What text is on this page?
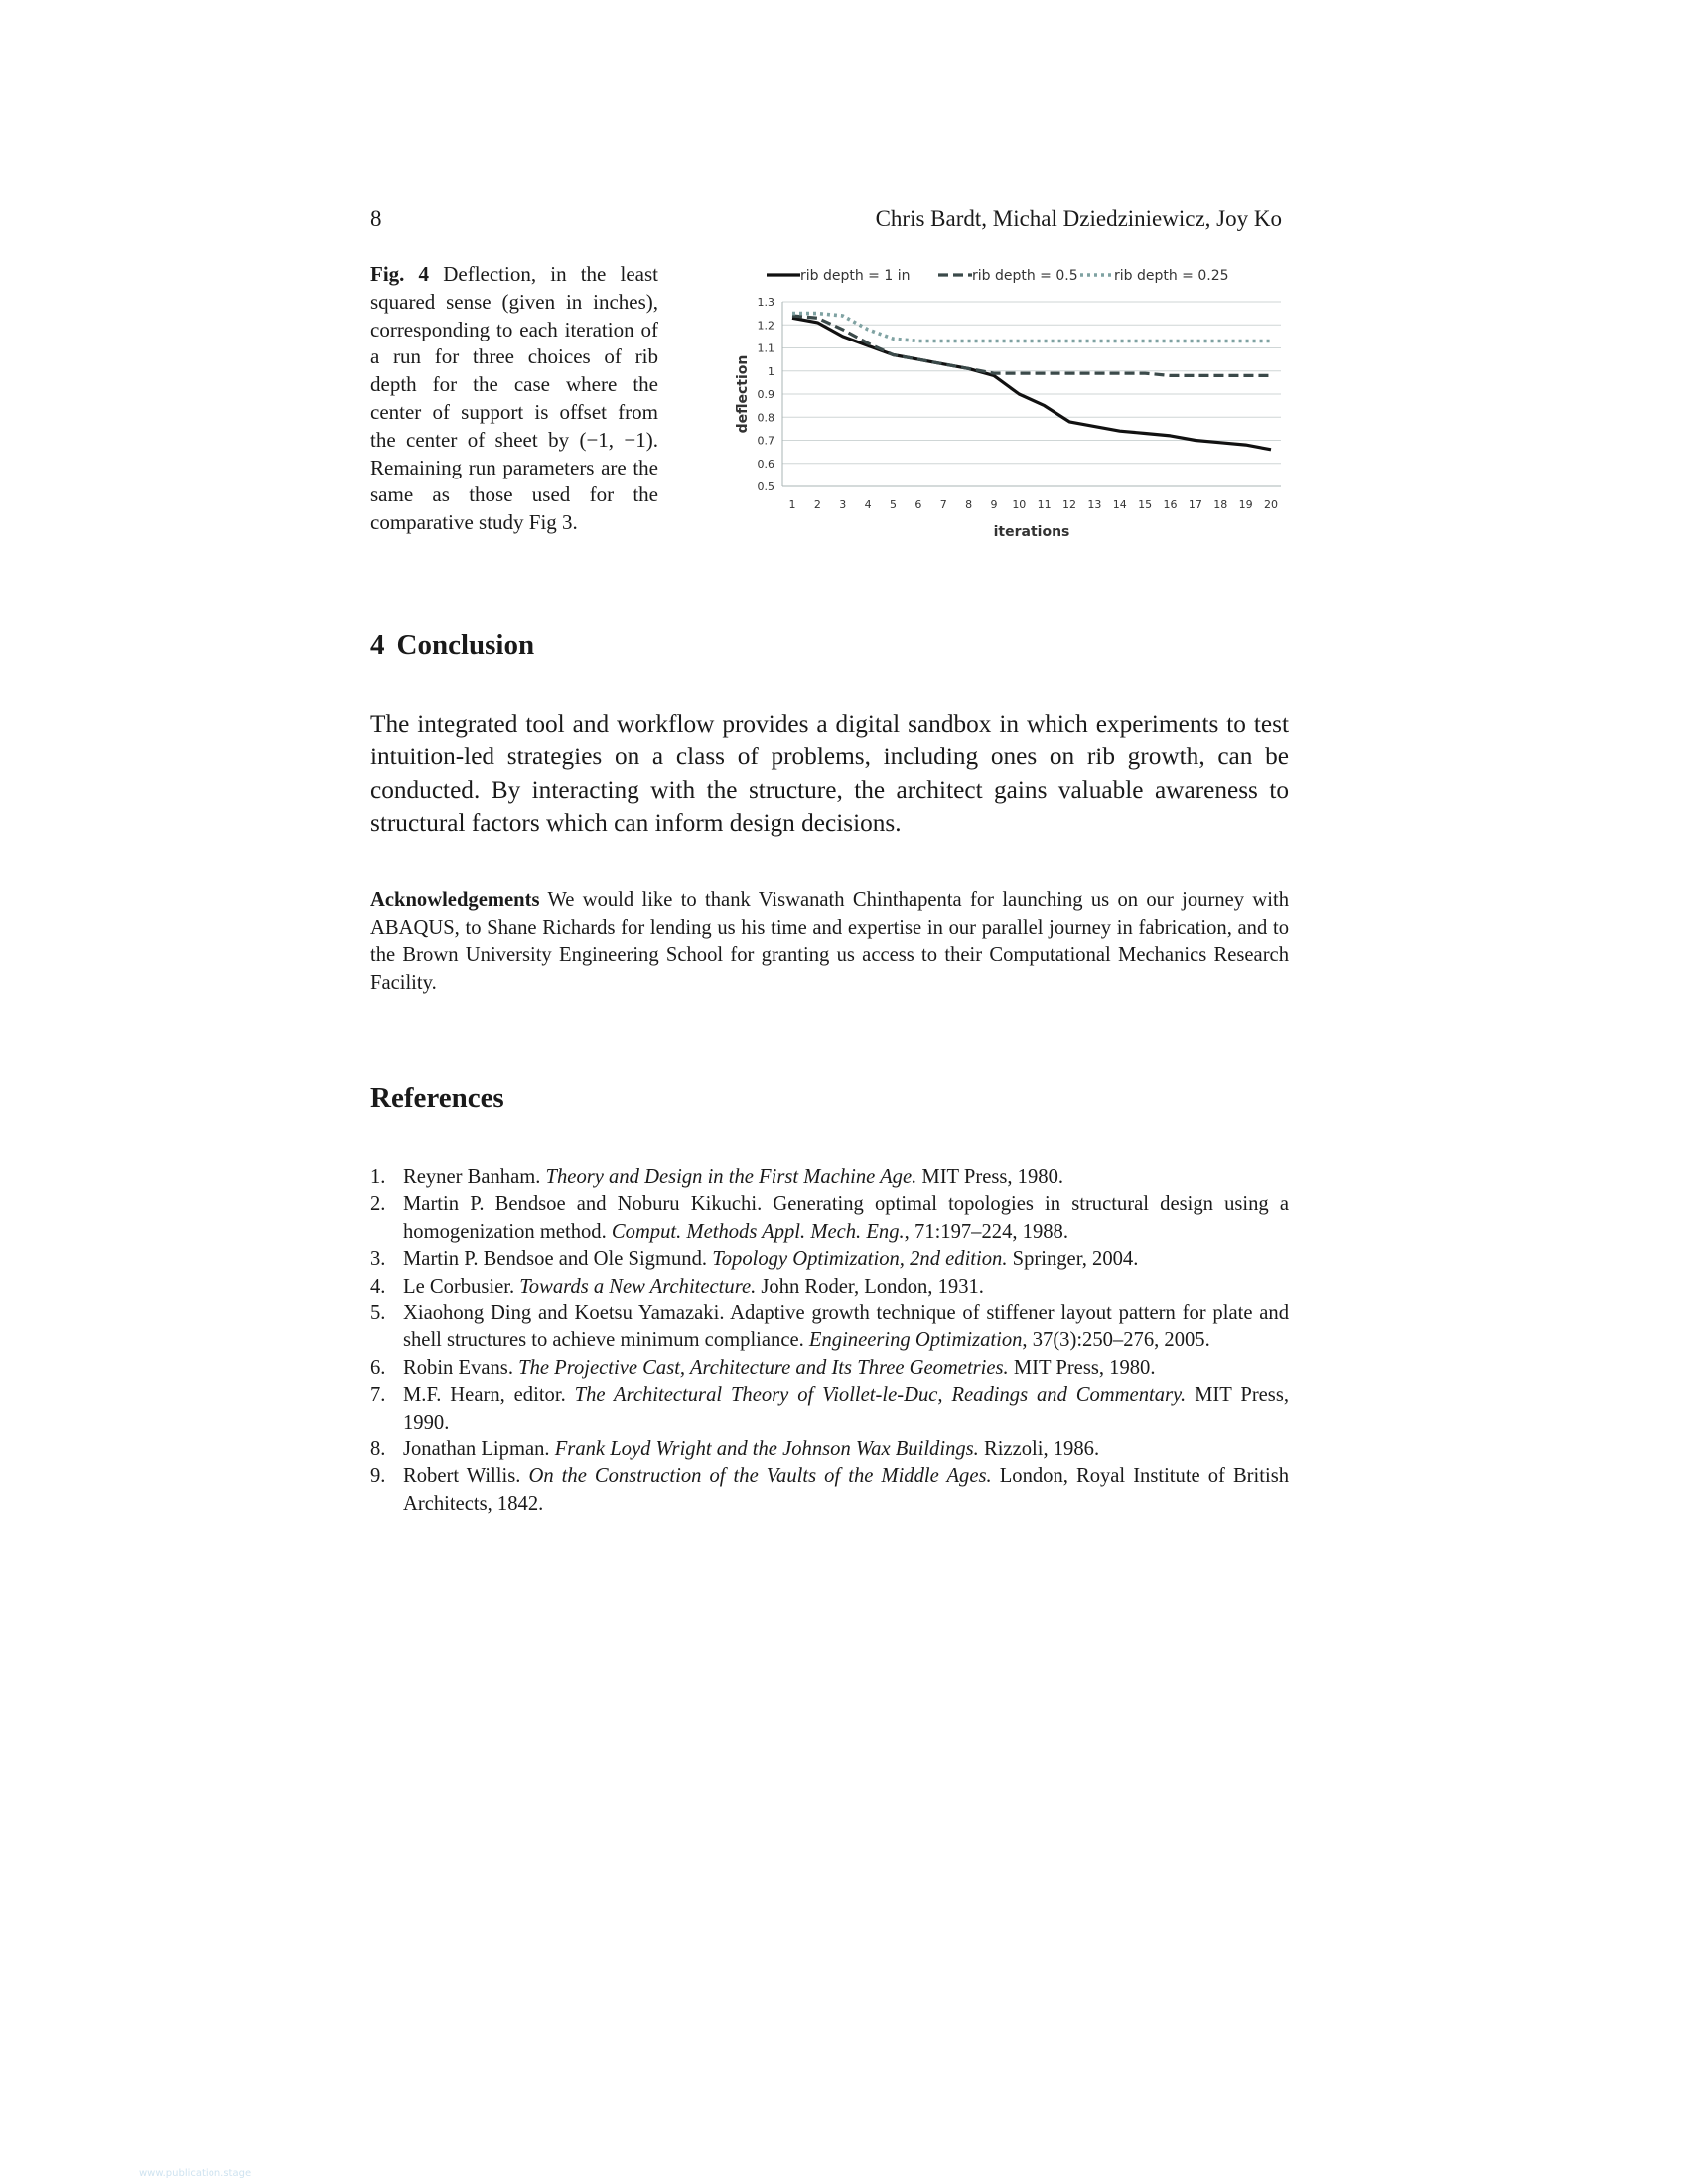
8	Chris Bardt, Michal Dziedziniewicz, Joy Ko
Fig. 4 Deflection, in the least squared sense (given in inches), corresponding to each iteration of a run for three choices of rib depth for the case where the center of support is offset from the center of sheet by (−1, −1). Remaining run parameters are the same as those used for the comparative study Fig 3.
0.5
0.6
0.7
0.8
0.9
1
1.1
1.2
1.3
1 2 3 4 5 6 7 8 9 10 11 12 13 14 15 16 17 18 19 20
iterations
deflection
rib depth = 1 in	rib depth = 0.5	rib depth = 0.25
4 Conclusion
The integrated tool and workflow provides a digital sandbox in which experiments to test intuition-led strategies on a class of problems, including ones on rib growth, can be conducted. By interacting with the structure, the architect gains valuable awareness to structural factors which can inform design decisions.
Acknowledgements We would like to thank Viswanath Chinthapenta for launching us on our journey with ABAQUS, to Shane Richards for lending us his time and expertise in our parallel journey in fabrication, and to the Brown University Engineering School for granting us access to their Computational Mechanics Research Facility.
References
1. Reyner Banham. Theory and Design in the First Machine Age. MIT Press, 1980.
2. Martin P. Bendsoe and Noburu Kikuchi. Generating optimal topologies in structural design using a homogenization method. Comput. Methods Appl. Mech. Eng., 71:197–224, 1988.
3. Martin P. Bendsoe and Ole Sigmund. Topology Optimization, 2nd edition. Springer, 2004.
4. Le Corbusier. Towards a New Architecture. John Roder, London, 1931.
5. Xiaohong Ding and Koetsu Yamazaki. Adaptive growth technique of stiffener layout pattern for plate and shell structures to achieve minimum compliance. Engineering Optimization, 37(3):250–276, 2005.
6. Robin Evans. The Projective Cast, Architecture and Its Three Geometries. MIT Press, 1980.
7. M.F. Hearn, editor. The Architectural Theory of Viollet-le-Duc, Readings and Commentary. MIT Press, 1990.
8. Jonathan Lipman. Frank Loyd Wright and the Johnson Wax Buildings. Rizzoli, 1986.
9. Robert Willis. On the Construction of the Vaults of the Middle Ages. London, Royal Institute of British Architects, 1842.
www.publication.stage
